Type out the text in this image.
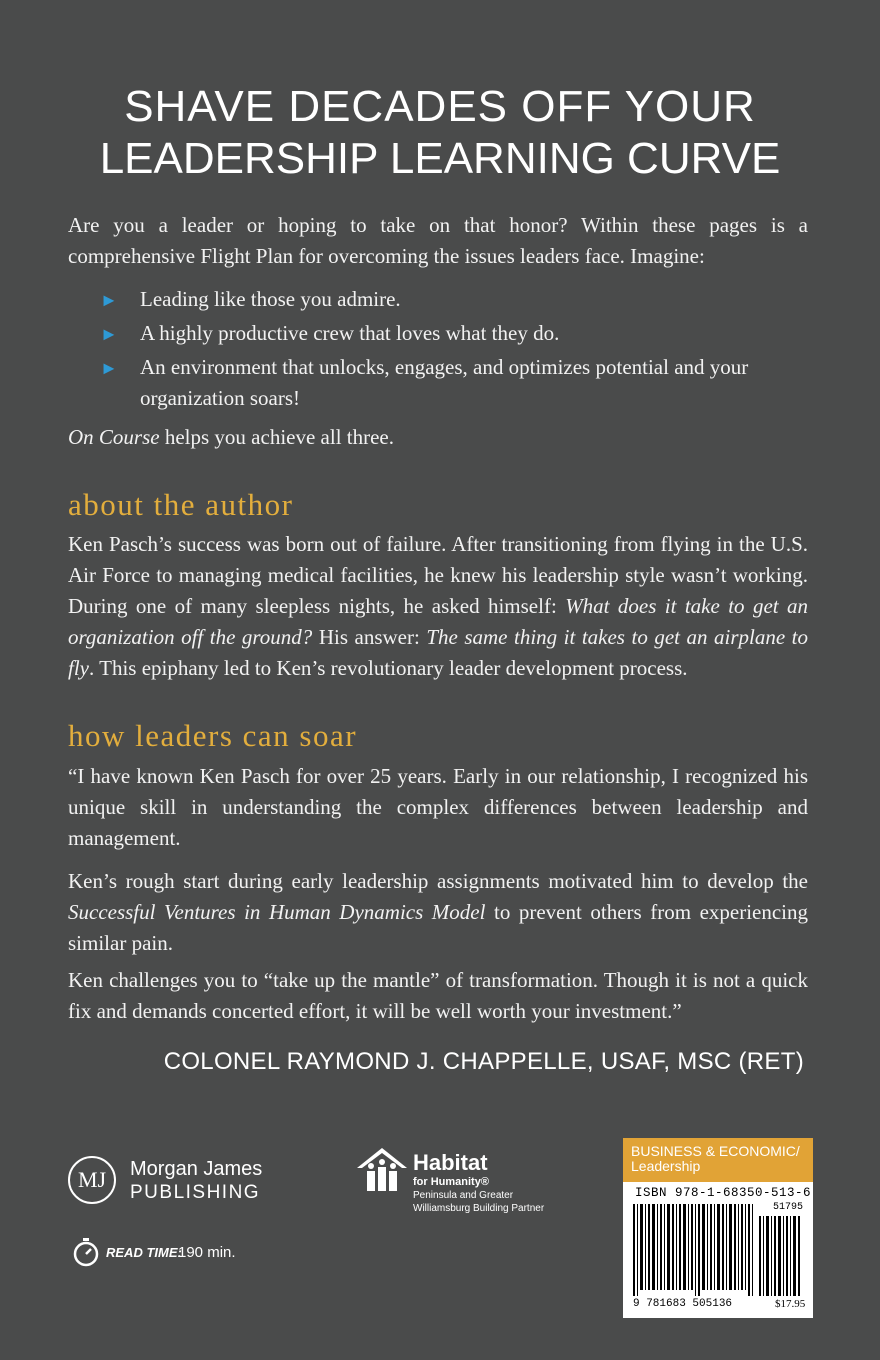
SHAVE DECADES OFF YOUR
LEADERSHIP LEARNING CURVE
Are you a leader or hoping to take on that honor? Within these pages is a comprehensive Flight Plan for overcoming the issues leaders face. Imagine:
► Leading like those you admire.
► A highly productive crew that loves what they do.
► An environment that unlocks, engages, and optimizes potential and your organization soars!
On Course helps you achieve all three.
about the author
Ken Pasch’s success was born out of failure. After transitioning from flying in the U.S. Air Force to managing medical facilities, he knew his leadership style wasn’t working. During one of many sleepless nights, he asked himself: What does it take to get an organization off the ground? His answer: The same thing it takes to get an airplane to fly. This epiphany led to Ken’s revolutionary leader development process.
how leaders can soar
“I have known Ken Pasch for over 25 years. Early in our relationship, I recognized his unique skill in understanding the complex differences between leadership and management.
Ken’s rough start during early leadership assignments motivated him to develop the Successful Ventures in Human Dynamics Model to prevent others from experiencing similar pain.
Ken challenges you to “take up the mantle” of transformation. Though it is not a quick fix and demands concerted effort, it will be well worth your investment.”
COLONEL RAYMOND J. CHAPPELLE, USAF, MSC (RET)
MJ	Morgan James
PUBLISHING
Habitat
for Humanity®
Peninsula and Greater
Williamsburg Building Partner
READ TIME:
190 min.
BUSINESS & ECONOMIC/
Leadership
ISBN 978-1-68350-513-6
51795
9 781683 505136	$17.95
